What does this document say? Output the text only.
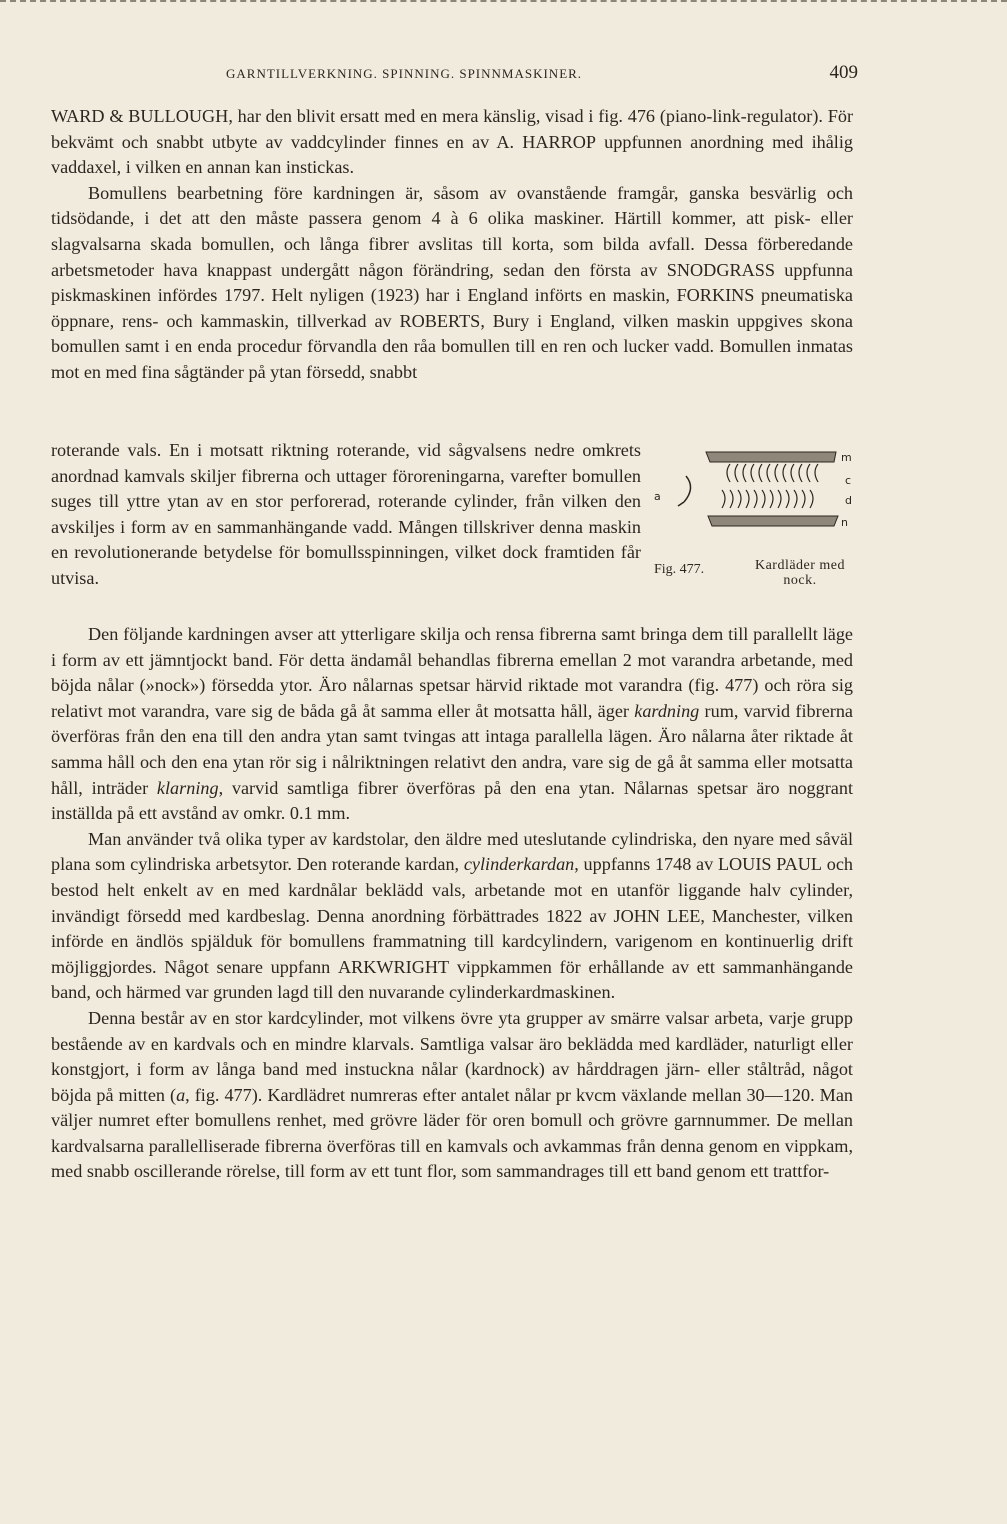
GARNTILLVERKNING. SPINNING. SPINNMASKINER.	409

WARD & BULLOUGH, har den blivit ersatt med en mera känslig, visad i fig. 476 (piano-link-regulator). För bekvämt och snabbt utbyte av vaddcylinder finnes en av A. HARROP uppfunnen anordning med ihålig vaddaxel, i vilken en annan kan instickas.

Bomullens bearbetning före kardningen är, såsom av ovanstående framgår, ganska besvärlig och tidsödande, i det att den måste passera genom 4 à 6 olika maskiner. Härtill kommer, att pisk- eller slagvalsarna skada bomullen, och långa fibrer avslitas till korta, som bilda avfall. Dessa förberedande arbetsmetoder hava knappast undergått någon förändring, sedan den första av SNODGRASS uppfunna piskmaskinen infördes 1797. Helt nyligen (1923) har i England införts en maskin, FORKINS pneumatiska öppnare, rens- och kammaskin, tillverkad av ROBERTS, Bury i England, vilken maskin uppgives skona bomullen samt i en enda procedur förvandla den råa bomullen till en ren och lucker vadd. Bomullen inmatas mot en med fina sågtänder på ytan försedd, snabbt

roterande vals. En i motsatt riktning roterande, vid sågvalsens nedre omkrets anordnad kamvals skiljer fibrerna och uttager föroreningarna, varefter bomullen suges till yttre ytan av en stor perforerad, roterande cylinder, från vilken den avskiljes i form av en sammanhängande vadd. Mången tillskriver denna maskin en revolutionerande betydelse för bomullsspinningen, vilket dock framtiden får utvisa.

m
c
a	d
n
Fig. 477.	Kardläder med nock.

Den följande kardningen avser att ytterligare skilja och rensa fibrerna samt bringa dem till parallellt läge i form av ett jämntjockt band. För detta ändamål behandlas fibrerna emellan 2 mot varandra arbetande, med böjda nålar (»nock») försedda ytor. Äro nålarnas spetsar härvid riktade mot varandra (fig. 477) och röra sig relativt mot varandra, vare sig de båda gå åt samma eller åt motsatta håll, äger kardning rum, varvid fibrerna överföras från den ena till den andra ytan samt tvingas att intaga parallella lägen. Äro nålarna åter riktade åt samma håll och den ena ytan rör sig i nålriktningen relativt den andra, vare sig de gå åt samma eller motsatta håll, inträder klarning, varvid samtliga fibrer överföras på den ena ytan. Nålarnas spetsar äro noggrant inställda på ett avstånd av omkr. 0.1 mm.

Man använder två olika typer av kardstolar, den äldre med uteslutande cylindriska, den nyare med såväl plana som cylindriska arbetsytor. Den roterande kardan, cylinderkardan, uppfanns 1748 av LOUIS PAUL och bestod helt enkelt av en med kardnålar beklädd vals, arbetande mot en utanför liggande halv cylinder, invändigt försedd med kardbeslag. Denna anordning förbättrades 1822 av JOHN LEE, Manchester, vilken införde en ändlös spjälduk för bomullens frammatning till kardcylindern, varigenom en kontinuerlig drift möjliggjordes. Något senare uppfann ARKWRIGHT vippkammen för erhållande av ett sammanhängande band, och härmed var grunden lagd till den nuvarande cylinderkardmaskinen.

Denna består av en stor kardcylinder, mot vilkens övre yta grupper av smärre valsar arbeta, varje grupp bestående av en kardvals och en mindre klarvals. Samtliga valsar äro beklädda med kardläder, naturligt eller konstgjort, i form av långa band med instuckna nålar (kardnock) av hårddragen järn- eller ståltråd, något böjda på mitten (a, fig. 477). Kardlädret numreras efter antalet nålar pr kvcm växlande mellan 30—120. Man väljer numret efter bomullens renhet, med grövre läder för oren bomull och grövre garnnummer. De mellan kardvalsarna parallelliserade fibrerna överföras till en kamvals och avkammas från denna genom en vippkam, med snabb oscillerande rörelse, till form av ett tunt flor, som sammandrages till ett band genom ett trattfor-
